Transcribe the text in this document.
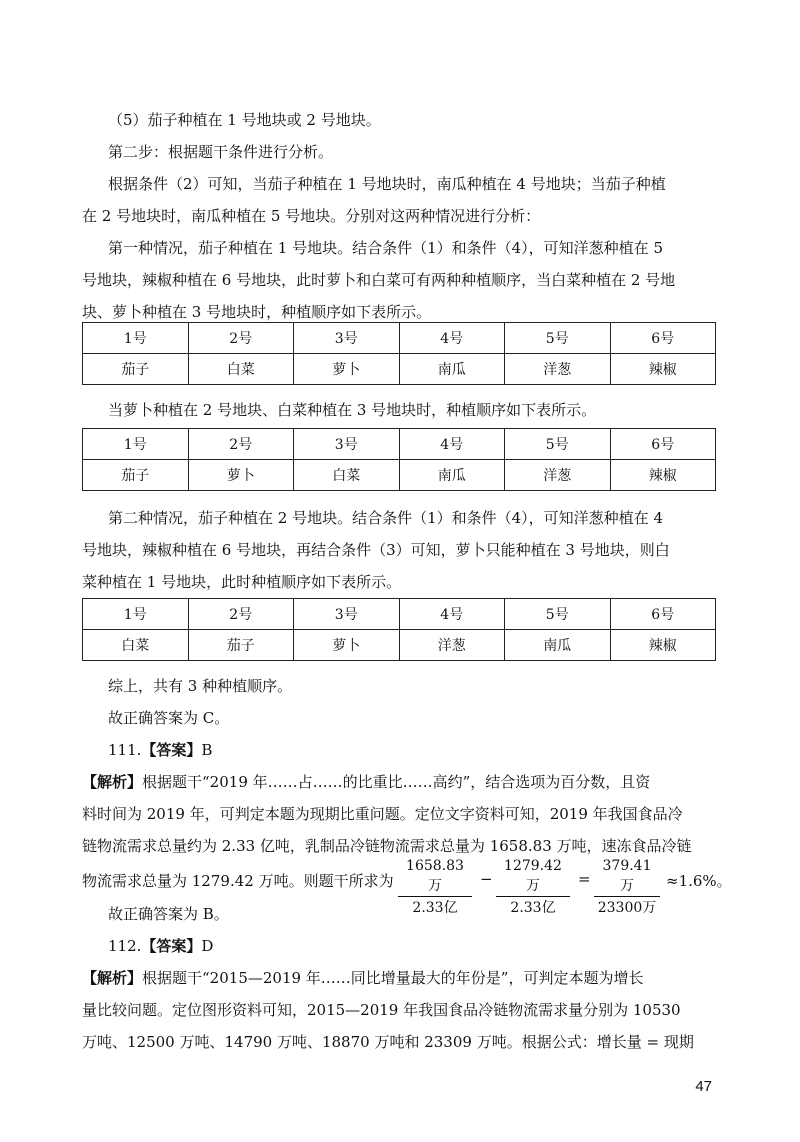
（5）茄子种植在 1 号地块或 2 号地块。
第二步：根据题干条件进行分析。
根据条件（2）可知，当茄子种植在 1 号地块时，南瓜种植在 4 号地块；当茄子种植
在 2 号地块时，南瓜种植在 5 号地块。分别对这两种情况进行分析：
第一种情况，茄子种植在 1 号地块。结合条件（1）和条件（4），可知洋葱种植在 5
号地块，辣椒种植在 6 号地块，此时萝卜和白菜可有两种种植顺序，当白菜种植在 2 号地
块、萝卜种植在 3 号地块时，种植顺序如下表所示。
1号	2号	3号	4号	5号	6号
茄子	白菜	萝卜	南瓜	洋葱	辣椒
当萝卜种植在 2 号地块、白菜种植在 3 号地块时，种植顺序如下表所示。
1号	2号	3号	4号	5号	6号
茄子	萝卜	白菜	南瓜	洋葱	辣椒
第二种情况，茄子种植在 2 号地块。结合条件（1）和条件（4），可知洋葱种植在 4
号地块，辣椒种植在 6 号地块，再结合条件（3）可知，萝卜只能种植在 3 号地块，则白
菜种植在 1 号地块，此时种植顺序如下表所示。
1号	2号	3号	4号	5号	6号
白菜	茄子	萝卜	洋葱	南瓜	辣椒
综上，共有 3 种种植顺序。
故正确答案为 C。
111.【答案】B
【解析】根据题干“2019 年……占……的比重比……高约”，结合选项为百分数，且资
料时间为 2019 年，可判定本题为现期比重问题。定位文字资料可知，2019 年我国食品冷
链物流需求总量约为 2.33 亿吨，乳制品冷链物流需求总量为 1658.83 万吨，速冻食品冷链
物流需求总量为 1279.42 万吨。则题干所求为
1658.83万
2.33亿
−
1279.42万
2.33亿
=
379.41万
23300万
≈1.6%。
故正确答案为 B。
112.【答案】D
【解析】根据题干“2015—2019 年……同比增量最大的年份是”，可判定本题为增长
量比较问题。定位图形资料可知，2015—2019 年我国食品冷链物流需求量分别为 10530
万吨、12500 万吨、14790 万吨、18870 万吨和 23309 万吨。根据公式：增长量 = 现期
47
